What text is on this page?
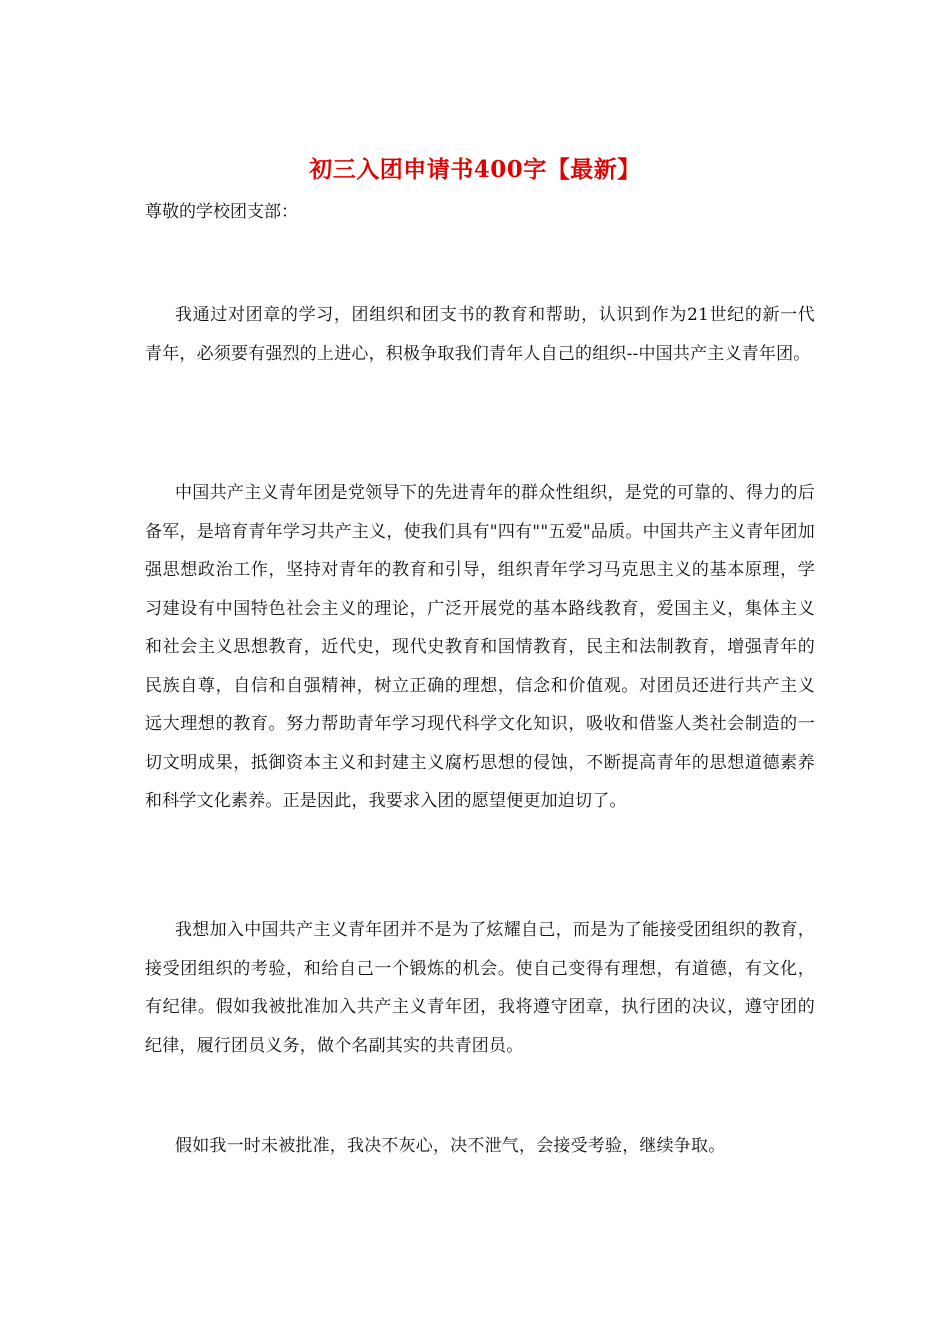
初三入团申请书400字【最新】
尊敬的学校团支部：

我通过对团章的学习，团组织和团支书的教育和帮助，认识到作为21世纪的新一代青年，必须要有强烈的上进心，积极争取我们青年人自己的组织--中国共产主义青年团。

中国共产主义青年团是党领导下的先进青年的群众性组织，是党的可靠的、得力的后备军，是培育青年学习共产主义，使我们具有"四有""五爱"品质。中国共产主义青年团加强思想政治工作，坚持对青年的教育和引导，组织青年学习马克思主义的基本原理，学习建设有中国特色社会主义的理论，广泛开展党的基本路线教育，爱国主义，集体主义和社会主义思想教育，近代史，现代史教育和国情教育，民主和法制教育，增强青年的民族自尊，自信和自强精神，树立正确的理想，信念和价值观。对团员还进行共产主义远大理想的教育。努力帮助青年学习现代科学文化知识，吸收和借鉴人类社会制造的一切文明成果，抵御资本主义和封建主义腐朽思想的侵蚀，不断提高青年的思想道德素养和科学文化素养。正是因此，我要求入团的愿望便更加迫切了。

我想加入中国共产主义青年团并不是为了炫耀自己，而是为了能接受团组织的教育，接受团组织的考验，和给自己一个锻炼的机会。使自己变得有理想，有道德，有文化，有纪律。假如我被批准加入共产主义青年团，我将遵守团章，执行团的决议，遵守团的纪律，履行团员义务，做个名副其实的共青团员。

假如我一时未被批准，我决不灰心，决不泄气，会接受考验，继续争取。
